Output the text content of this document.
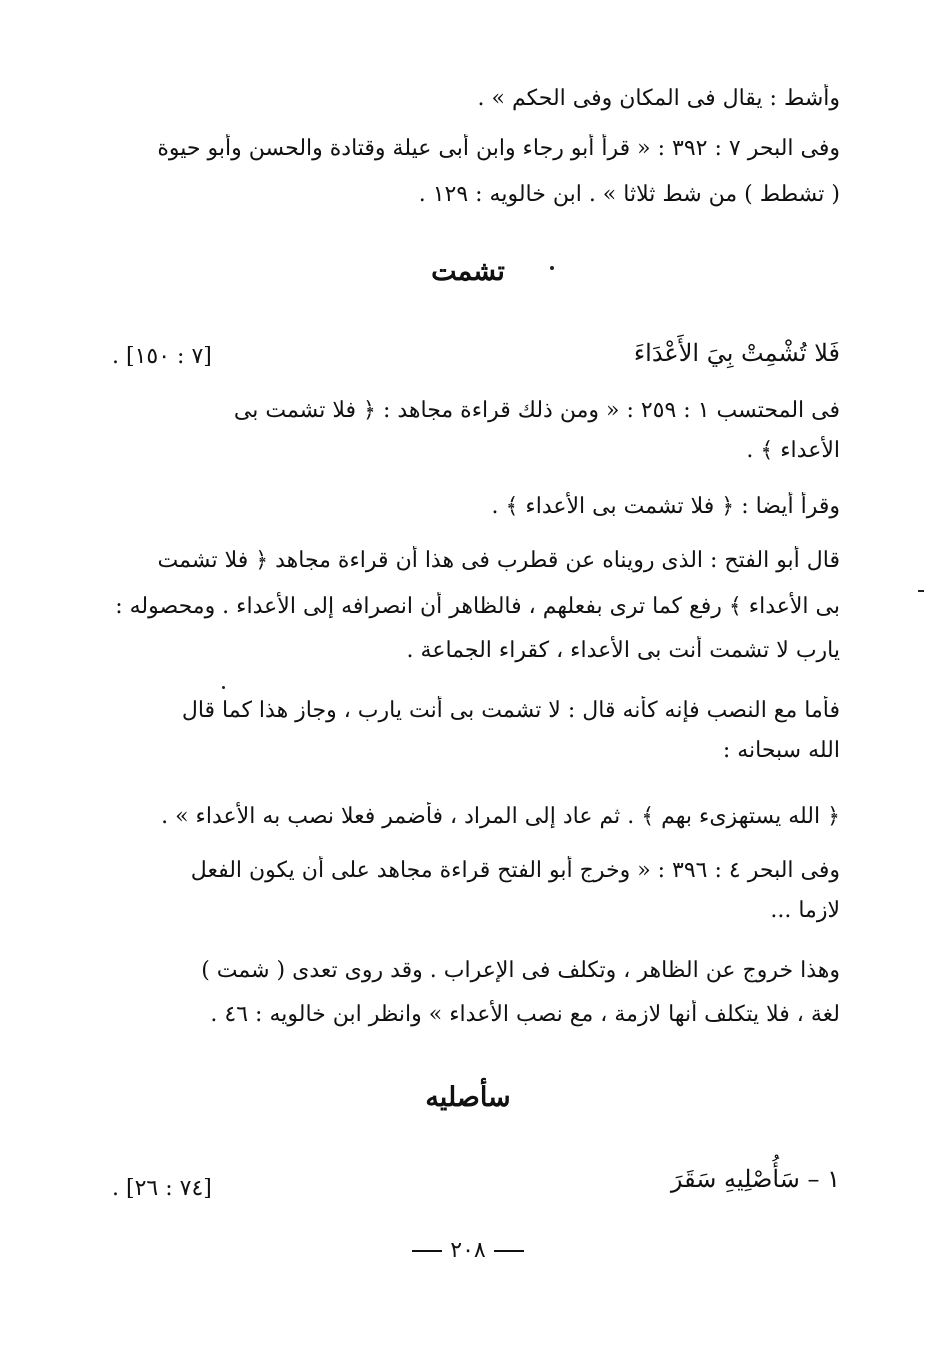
وأشط : يقال فى المكان وفى الحكم » .
وفى البحر ٧ : ٣٩٢ : « قرأ أبو رجاء وابن أبى عيلة وقتادة والحسن وأبو حيوة
( تشطط ) من شط ثلاثا » . ابن خالويه : ١٢٩ .
تشمت
فَلا تُشْمِتْ بِيَ الأَعْدَاءَ
[٧ : ١٥٠] .
فى المحتسب ١ : ٢٥٩ : « ومن ذلك قراءة مجاهد : ﴿ فلا تشمت بى
الأعداء ﴾ .
وقرأ أيضا : ﴿ فلا تشمت بى الأعداء ﴾ .
قال أبو الفتح : الذى رويناه عن قطرب فى هذا أن قراءة مجاهد ﴿ فلا تشمت
بى الأعداء ﴾ رفع كما ترى بفعلهم ، فالظاهر أن انصرافه إلى الأعداء . ومحصوله :
يارب لا تشمت أنت بى الأعداء ، كقراء الجماعة .
فأما مع النصب فإنه كأنه قال : لا تشمت بى أنت يارب ، وجاز هذا كما قال
الله سبحانه :
﴿ الله يستهزىء بهم ﴾ . ثم عاد إلى المراد ، فأضمر فعلا نصب به الأعداء » .
وفى البحر ٤ : ٣٩٦ : « وخرج أبو الفتح قراءة مجاهد على أن يكون الفعل
لازما ...
وهذا خروج عن الظاهر ، وتكلف فى الإعراب . وقد روى تعدى ( شمت )
لغة ، فلا يتكلف أنها لازمة ، مع نصب الأعداء » وانظر ابن خالويه : ٤٦ .
سأصليه
١ – سَأُصْلِيهِ سَقَرَ
[٧٤ : ٢٦] .
٢٠٨
